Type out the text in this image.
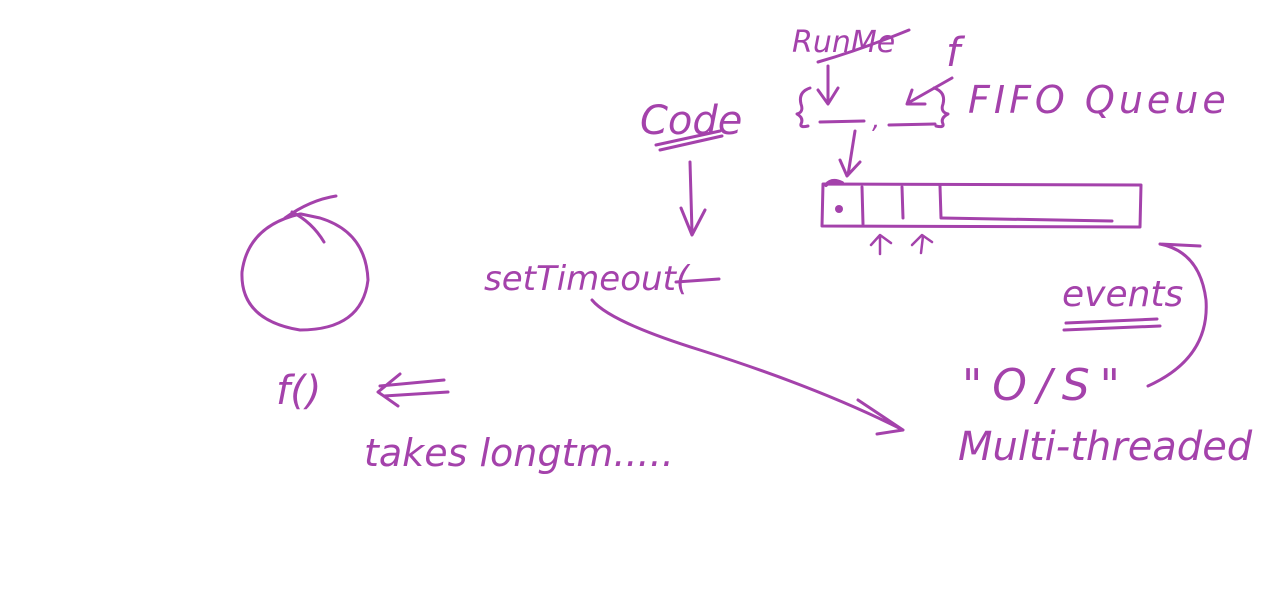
RunMe f
, FIFO Queue
Code
setTimeout(	events
"O/S"
Multi-threaded
f()
takes longtm.....
